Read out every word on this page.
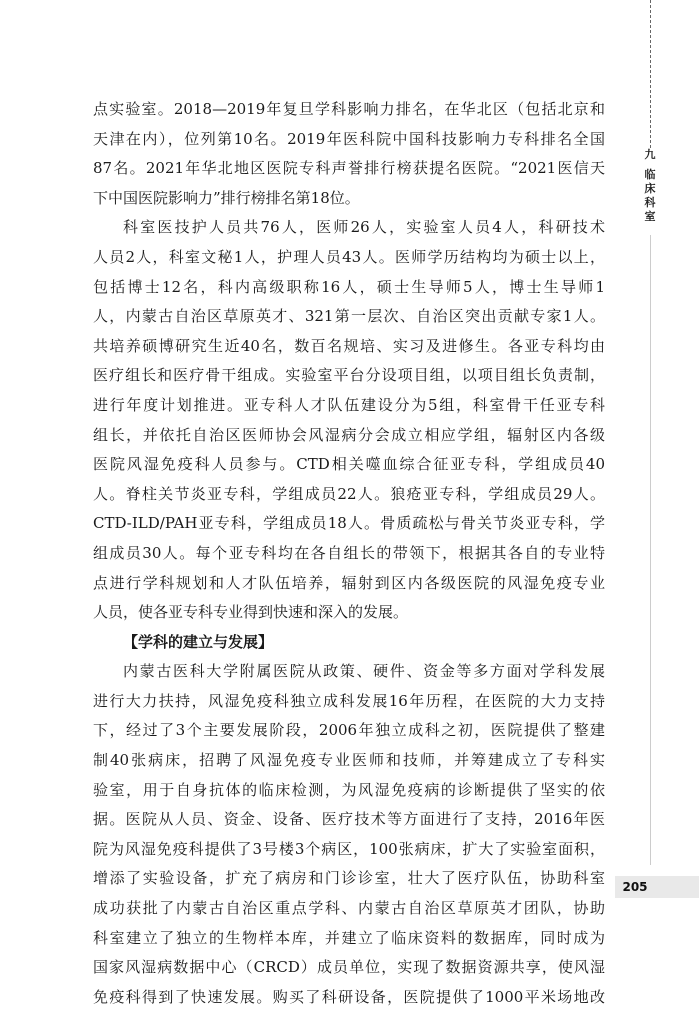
九
临
床
科
室
点实验室。2018—2019年复旦学科影响力排名，在华北区（包括北京和
天津在内），位列第10名。2019年医科院中国科技影响力专科排名全国
87名。2021年华北地区医院专科声誉排行榜获提名医院。“2021医信天
下中国医院影响力”排行榜排名第18位。
科室医技护人员共76人，医师26人，实验室人员4人，科研技术
人员2人，科室文秘1人，护理人员43人。医师学历结构均为硕士以上，
包括博士12名，科内高级职称16人，硕士生导师5人，博士生导师1
人，内蒙古自治区草原英才、321第一层次、自治区突出贡献专家1人。
共培养硕博研究生近40名，数百名规培、实习及进修生。各亚专科均由
医疗组长和医疗骨干组成。实验室平台分设项目组，以项目组长负责制，
进行年度计划推进。亚专科人才队伍建设分为5组，科室骨干任亚专科
组长，并依托自治区医师协会风湿病分会成立相应学组，辐射区内各级
医院风湿免疫科人员参与。CTD相关噬血综合征亚专科，学组成员40
人。脊柱关节炎亚专科，学组成员22人。狼疮亚专科，学组成员29人。
CTD-ILD/PAH亚专科，学组成员18人。骨质疏松与骨关节炎亚专科，学
组成员30人。每个亚专科均在各自组长的带领下，根据其各自的专业特
点进行学科规划和人才队伍培养，辐射到区内各级医院的风湿免疫专业
人员，使各亚专科专业得到快速和深入的发展。
【学科的建立与发展】
内蒙古医科大学附属医院从政策、硬件、资金等多方面对学科发展
进行大力扶持，风湿免疫科独立成科发展16年历程，在医院的大力支持
下，经过了3个主要发展阶段，2006年独立成科之初，医院提供了整建
制40张病床，招聘了风湿免疫专业医师和技师，并筹建成立了专科实
验室，用于自身抗体的临床检测，为风湿免疫病的诊断提供了坚实的依
据。医院从人员、资金、设备、医疗技术等方面进行了支持，2016年医
院为风湿免疫科提供了3号楼3个病区，100张病床，扩大了实验室面积，
增添了实验设备，扩充了病房和门诊诊室，壮大了医疗队伍，协助科室
成功获批了内蒙古自治区重点学科、内蒙古自治区草原英才团队，协助
科室建立了独立的生物样本库，并建立了临床资料的数据库，同时成为
国家风湿病数据中心（CRCD）成员单位，实现了数据资源共享，使风湿
免疫科得到了快速发展。购买了科研设备，医院提供了1000平米场地改
205
